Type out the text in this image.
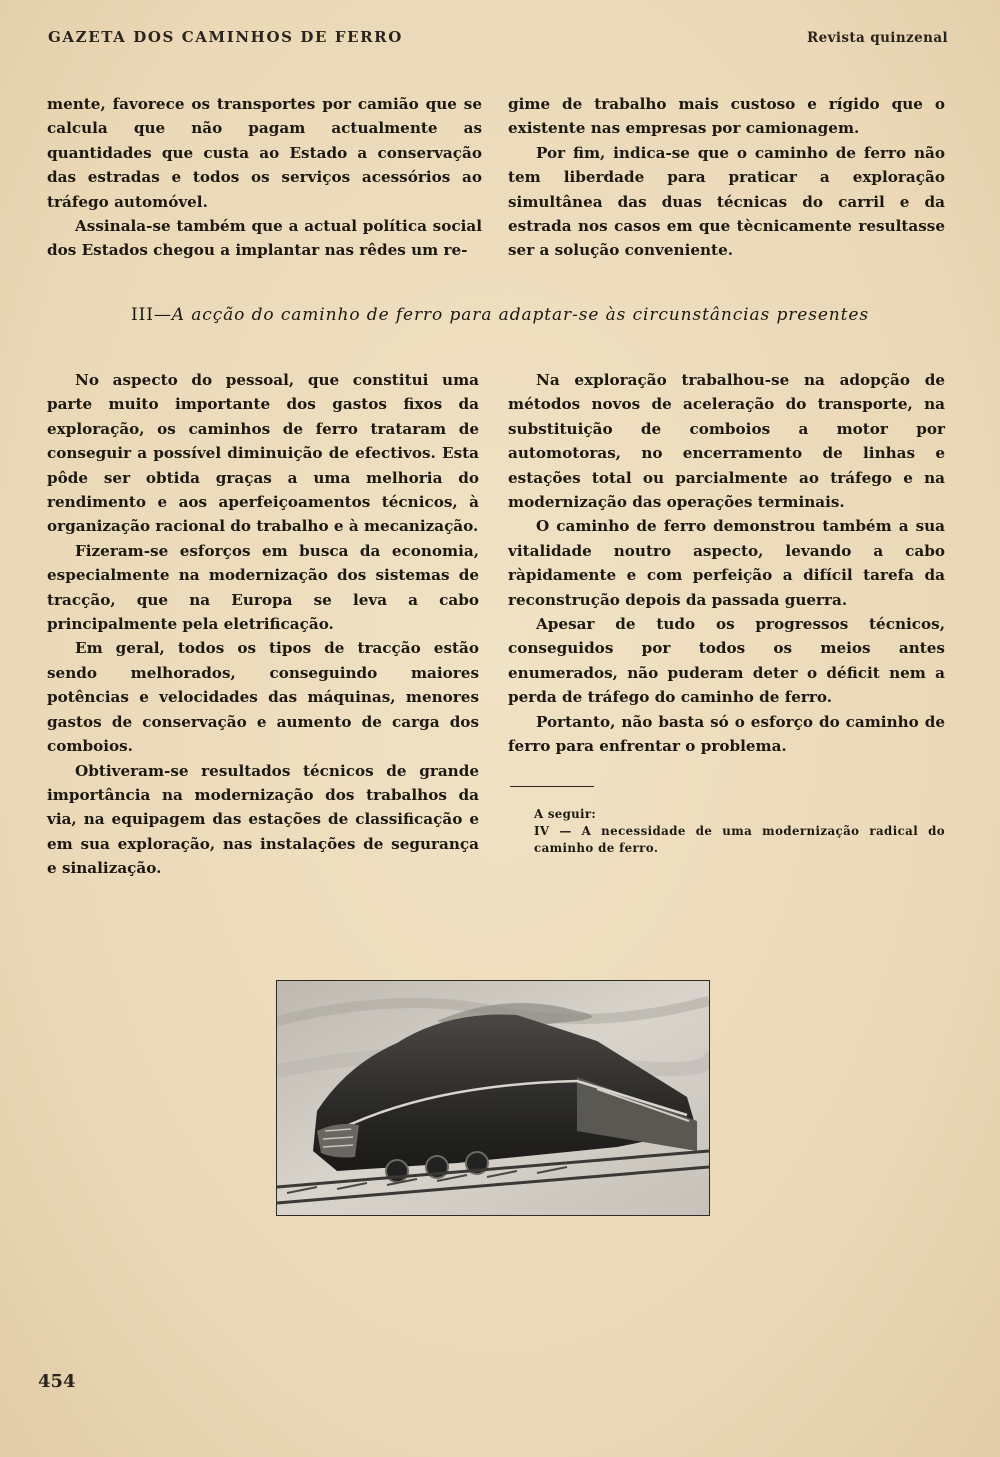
GAZETA DOS CAMINHOS DE FERRO	Revista quinzenal

mente, favorece os transportes por camião que se calcula que não pagam actualmente as quantidades que custa ao Estado a conservação das estradas e todos os serviços acessórios ao tráfego automóvel.

Assinala-se também que a actual política social dos Estados chegou a implantar nas rêdes um re-

gime de trabalho mais custoso e rígido que o existente nas empresas por camionagem.

Por fim, indica-se que o caminho de ferro não tem liberdade para praticar a exploração simultânea das duas técnicas do carril e da estrada nos casos em que tècnicamente resultasse ser a solução conveniente.

III—A acção do caminho de ferro para adaptar-se às circunstâncias presentes

No aspecto do pessoal, que constitui uma parte muito importante dos gastos fixos da exploração, os caminhos de ferro trataram de conseguir a possível diminuição de efectivos. Esta pôde ser obtida graças a uma melhoria do rendimento e aos aperfeiçoamentos técnicos, à organização racional do trabalho e à mecanização.

Fizeram-se esforços em busca da economia, especialmente na modernização dos sistemas de tracção, que na Europa se leva a cabo principalmente pela eletrificação.

Em geral, todos os tipos de tracção estão sendo melhorados, conseguindo maiores potências e velocidades das máquinas, menores gastos de conservação e aumento de carga dos comboios.

Obtiveram-se resultados técnicos de grande importância na modernização dos trabalhos da via, na equipagem das estações de classificação e em sua exploração, nas instalações de segurança e sinalização.

Na exploração trabalhou-se na adopção de métodos novos de aceleração do transporte, na substituição de comboios a motor por automotoras, no encerramento de linhas e estações total ou parcialmente ao tráfego e na modernização das operações terminais.

O caminho de ferro demonstrou também a sua vitalidade noutro aspecto, levando a cabo ràpidamente e com perfeição a difícil tarefa da reconstrução depois da passada guerra.

Apesar de tudo os progressos técnicos, conseguidos por todos os meios antes enumerados, não puderam deter o déficit nem a perda de tráfego do caminho de ferro.

Portanto, não basta só o esforço do caminho de ferro para enfrentar o problema.

A seguir:

IV — A necessidade de uma modernização radical do caminho de ferro.

454
